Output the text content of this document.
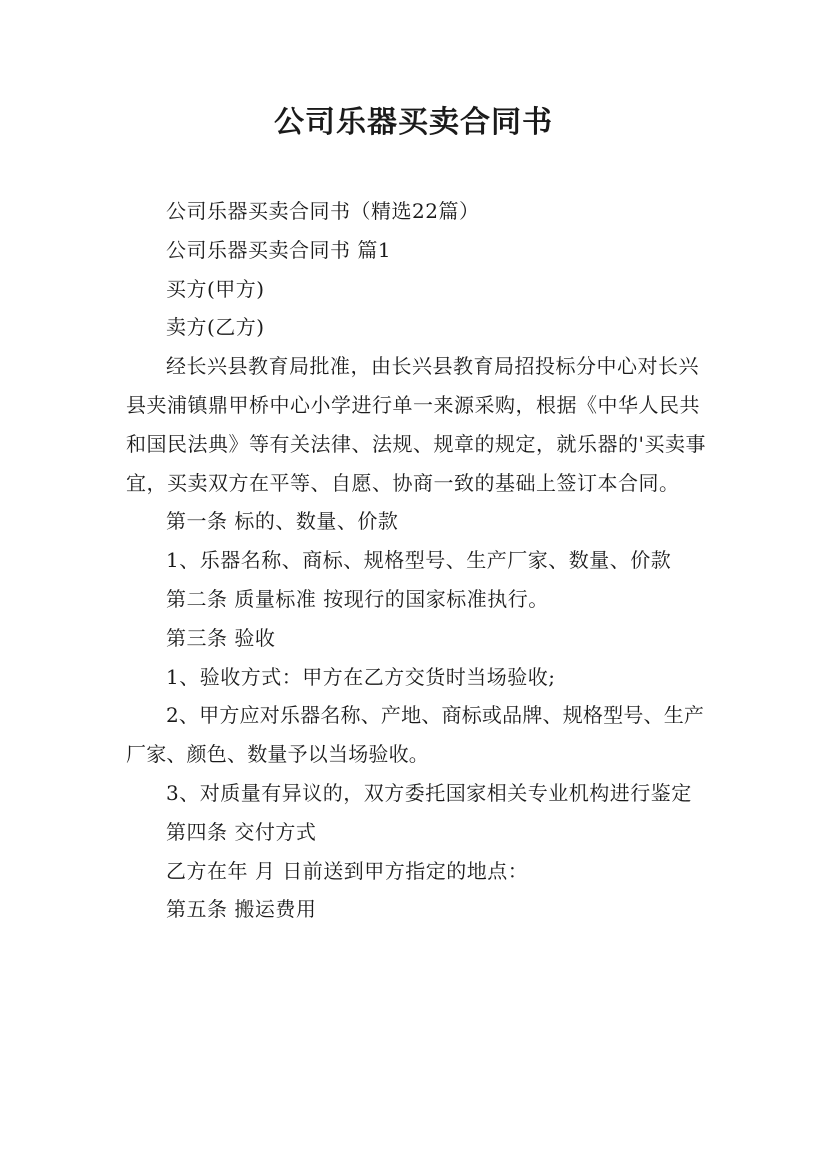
公司乐器买卖合同书

公司乐器买卖合同书（精选22篇）

公司乐器买卖合同书 篇1

买方(甲方)

卖方(乙方)

经长兴县教育局批准，由长兴县教育局招投标分中心对长兴县夹浦镇鼎甲桥中心小学进行单一来源采购，根据《中华人民共和国民法典》等有关法律、法规、规章的规定，就乐器的'买卖事宜，买卖双方在平等、自愿、协商一致的基础上签订本合同。

第一条 标的、数量、价款

1、乐器名称、商标、规格型号、生产厂家、数量、价款

第二条 质量标准 按现行的国家标准执行。

第三条 验收

1、验收方式：甲方在乙方交货时当场验收;

2、甲方应对乐器名称、产地、商标或品牌、规格型号、生产厂家、颜色、数量予以当场验收。

3、对质量有异议的，双方委托国家相关专业机构进行鉴定

第四条 交付方式

乙方在年 月 日前送到甲方指定的地点：

第五条 搬运费用
